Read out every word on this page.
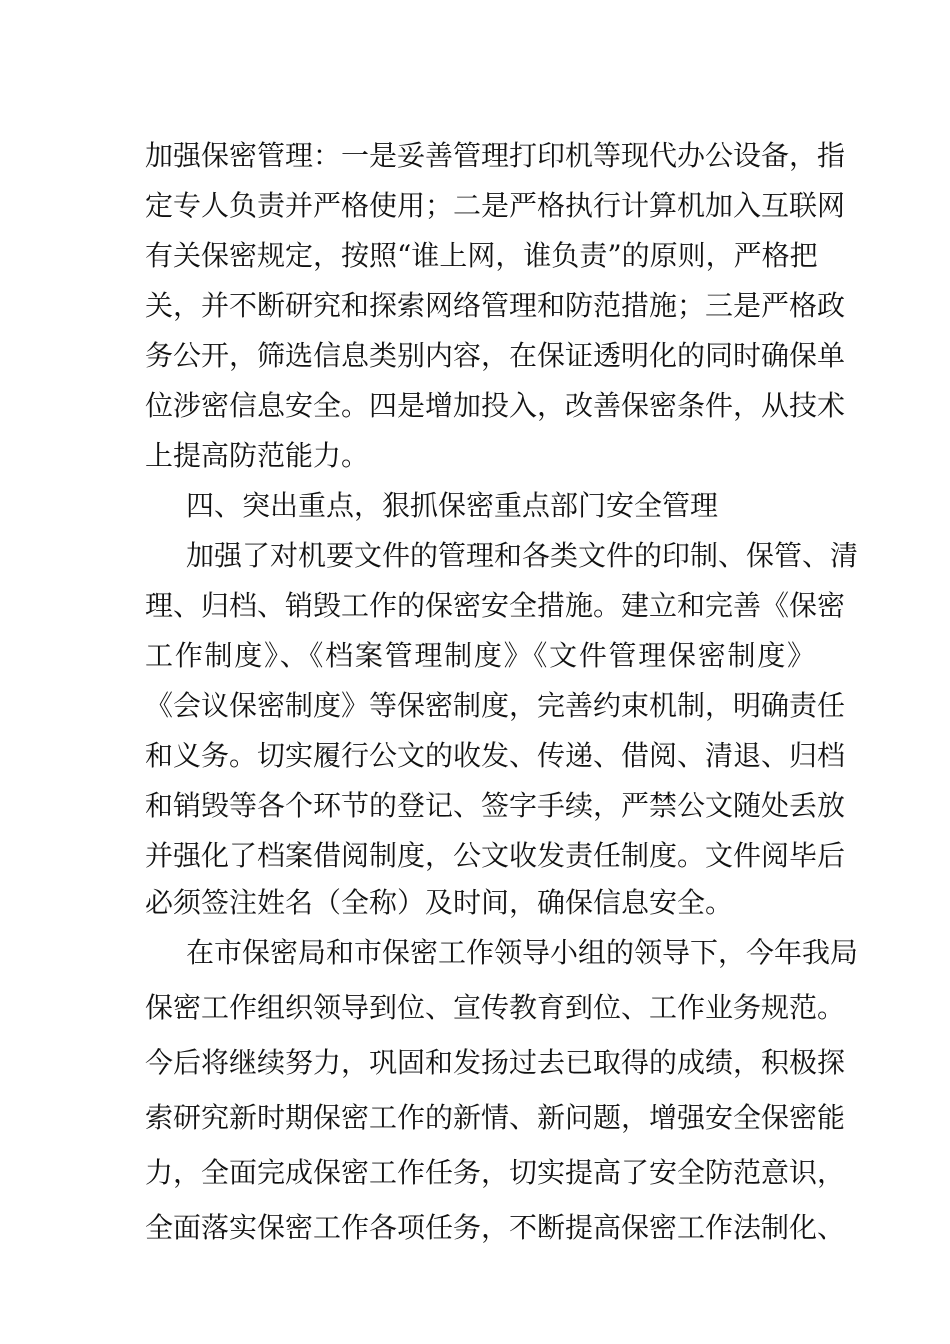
加强保密管理：一是妥善管理打印机等现代办公设备，指
定专人负责并严格使用；二是严格执行计算机加入互联网
有关保密规定，按照“谁上网，谁负责”的原则，严格把
关，并不断研究和探索网络管理和防范措施；三是严格政
务公开，筛选信息类别内容，在保证透明化的同时确保单
位涉密信息安全。四是增加投入，改善保密条件，从技术
上提高防范能力。
四、突出重点，狠抓保密重点部门安全管理
加强了对机要文件的管理和各类文件的印制、保管、清
理、归档、销毁工作的保密安全措施。建立和完善《保密
工作制度》、《档案管理制度》《文件管理保密制度》
《会议保密制度》等保密制度，完善约束机制，明确责任
和义务。切实履行公文的收发、传递、借阅、清退、归档
和销毁等各个环节的登记、签字手续，严禁公文随处丢放
并强化了档案借阅制度，公文收发责任制度。文件阅毕后
必须签注姓名（全称）及时间，确保信息安全。
在市保密局和市保密工作领导小组的领导下，今年我局
保密工作组织领导到位、宣传教育到位、工作业务规范。
今后将继续努力，巩固和发扬过去已取得的成绩，积极探
索研究新时期保密工作的新情、新问题，增强安全保密能
力，全面完成保密工作任务，切实提高了安全防范意识，
全面落实保密工作各项任务，不断提高保密工作法制化、
